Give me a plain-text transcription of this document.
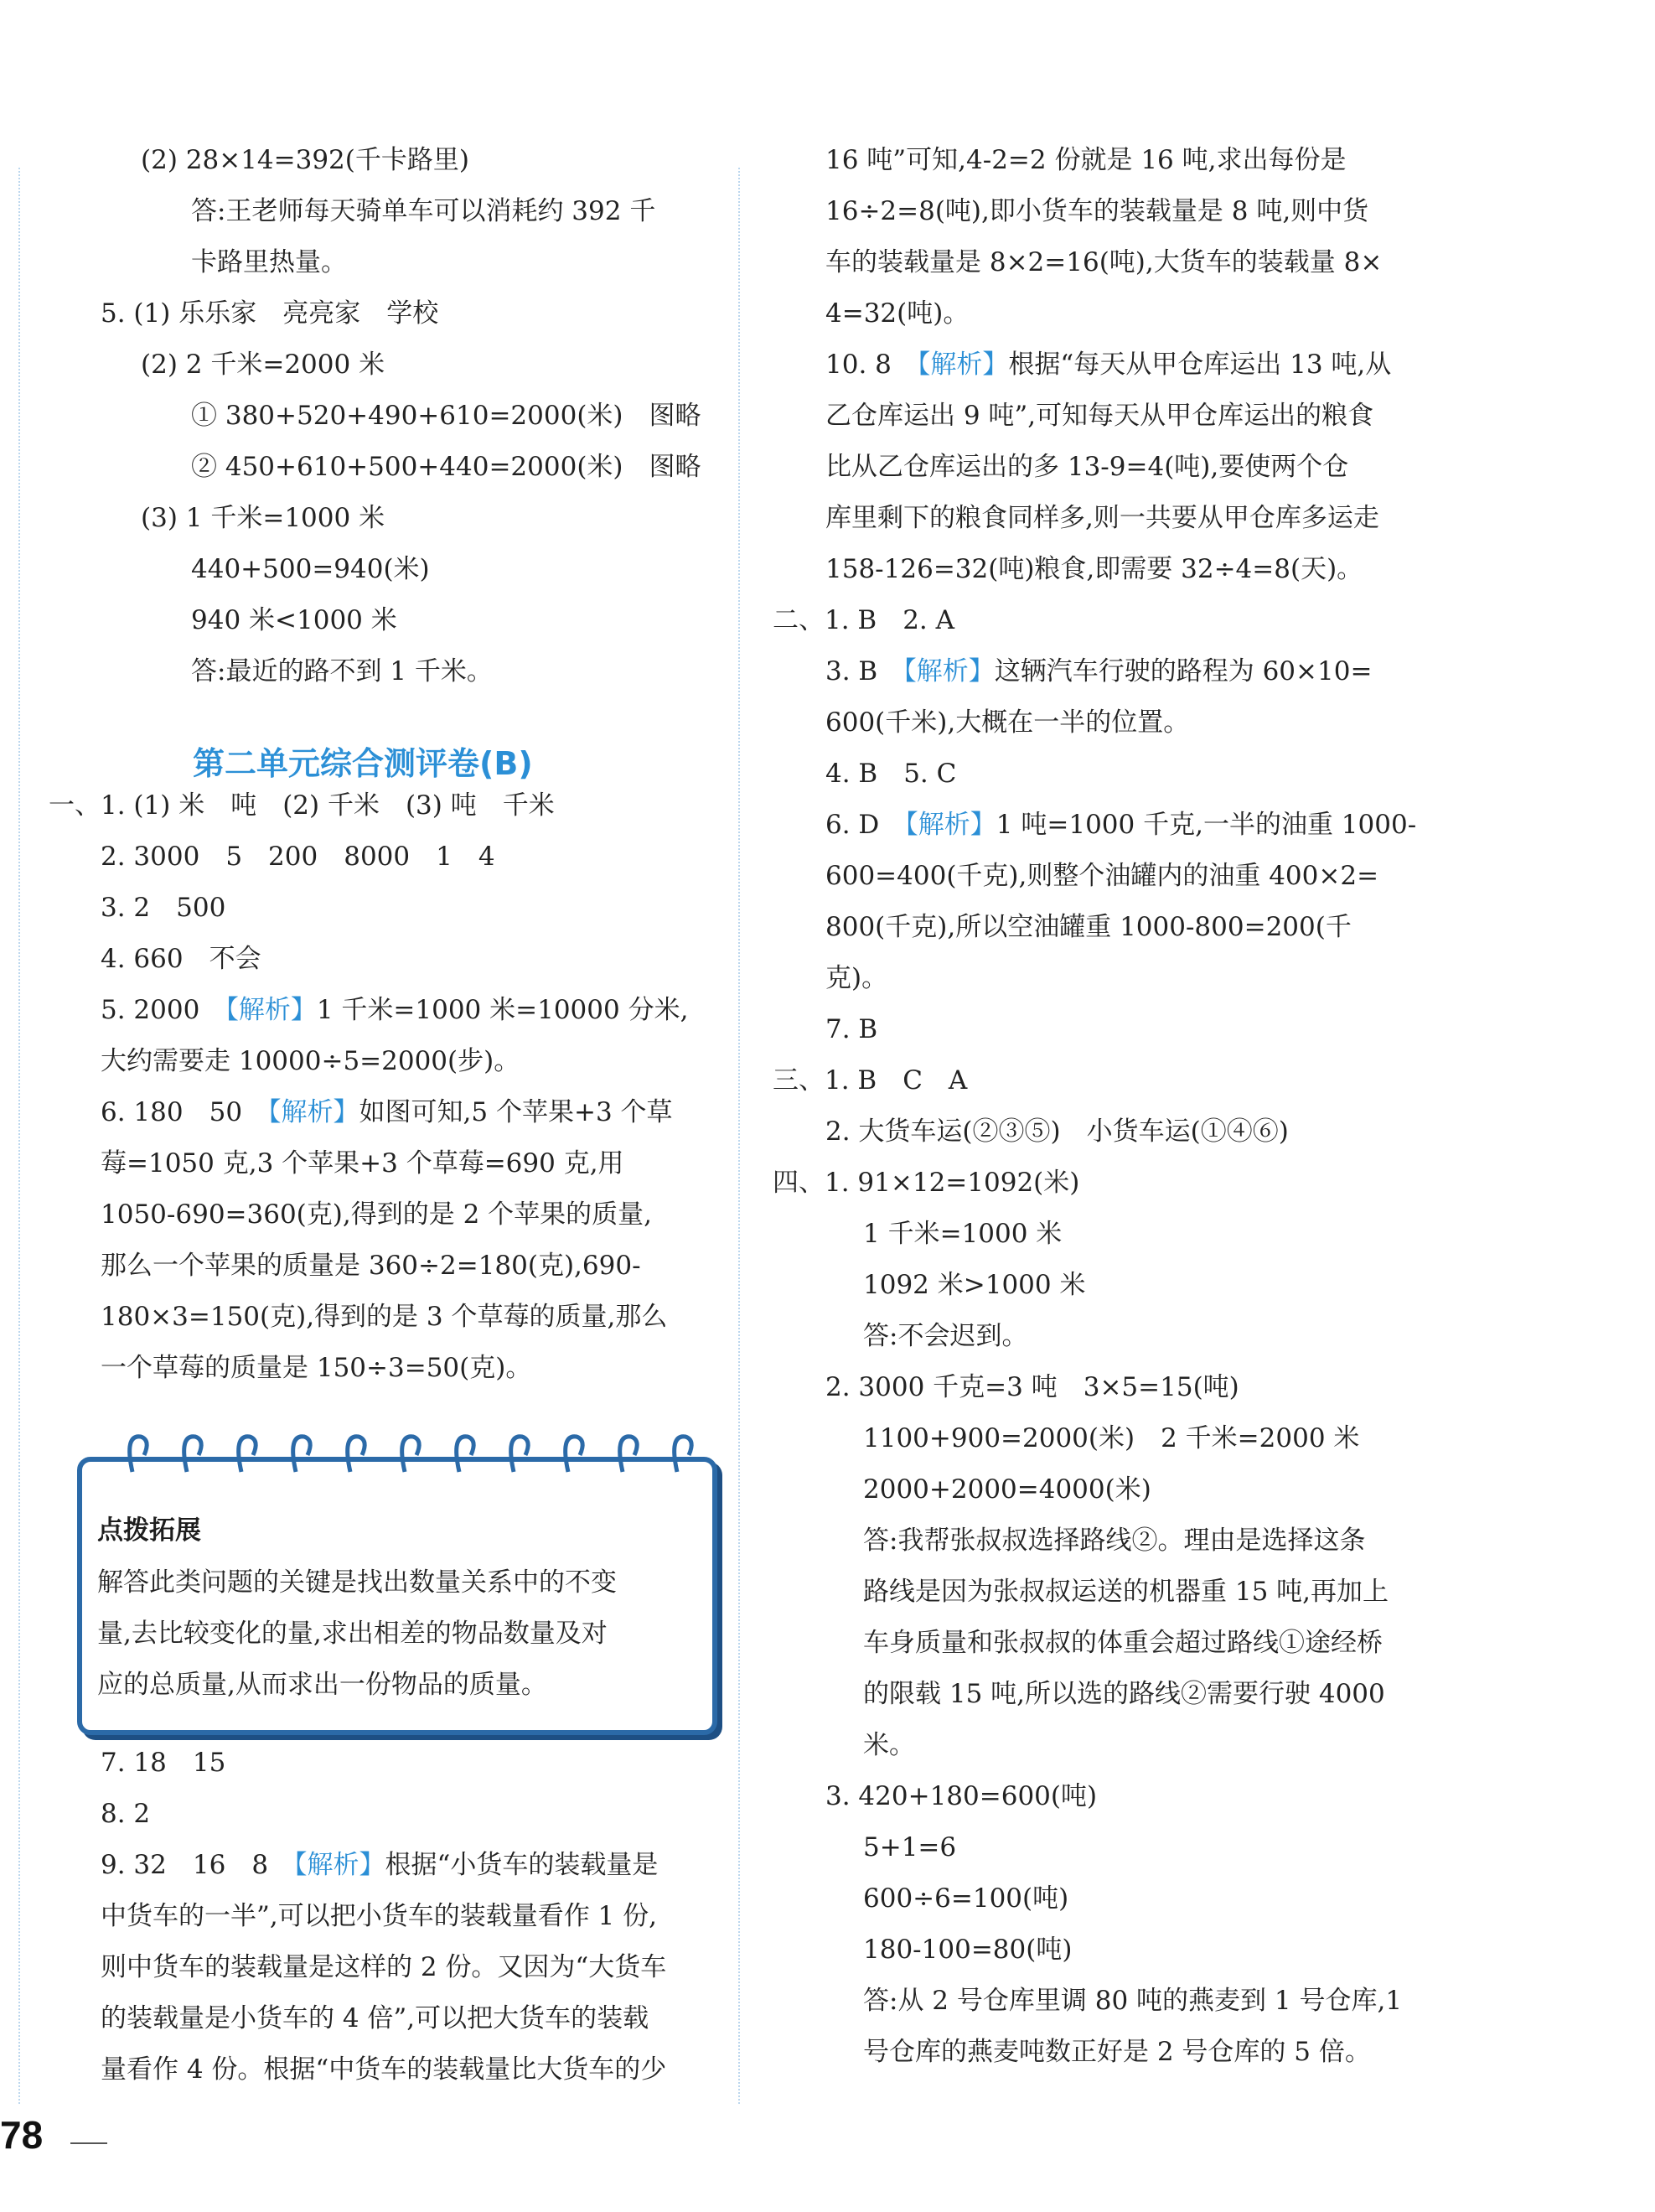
(2) 28×14=392(千卡路里)
答:王老师每天骑单车可以消耗约 392 千
卡路里热量。
5. (1) 乐乐家　亮亮家　学校
(2) 2 千米=2000 米
① 380+520+490+610=2000(米)　图略
② 450+610+500+440=2000(米)　图略
(3) 1 千米=1000 米
440+500=940(米)
940 米<1000 米
答:最近的路不到 1 千米。
一、1. (1) 米　吨　(2) 千米　(3) 吨　千米
2. 3000　5　200　8000　1　4
3. 2　500
4. 660　不会
5. 2000　【解析】1 千米=1000 米=10000 分米,
大约需要走 10000÷5=2000(步)。
6. 180　50　【解析】如图可知,5 个苹果+3 个草
莓=1050 克,3 个苹果+3 个草莓=690 克,用
1050-690=360(克),得到的是 2 个苹果的质量,
那么一个苹果的质量是 360÷2=180(克),690-
180×3=150(克),得到的是 3 个草莓的质量,那么
一个草莓的质量是 150÷3=50(克)。
7. 18　15
8. 2
9. 32　16　8　【解析】根据“小货车的装载量是
中货车的一半”,可以把小货车的装载量看作 1 份,
则中货车的装载量是这样的 2 份。又因为“大货车
的装载量是小货车的 4 倍”,可以把大货车的装载
量看作 4 份。根据“中货车的装载量比大货车的少
16 吨”可知,4-2=2 份就是 16 吨,求出每份是
16÷2=8(吨),即小货车的装载量是 8 吨,则中货
车的装载量是 8×2=16(吨),大货车的装载量 8×
4=32(吨)。
10. 8　【解析】根据“每天从甲仓库运出 13 吨,从
乙仓库运出 9 吨”,可知每天从甲仓库运出的粮食
比从乙仓库运出的多 13-9=4(吨),要使两个仓
库里剩下的粮食同样多,则一共要从甲仓库多运走
158-126=32(吨)粮食,即需要 32÷4=8(天)。
二、1. B　2. A
3. B　【解析】这辆汽车行驶的路程为 60×10=
600(千米),大概在一半的位置。
4. B　5. C
6. D　【解析】1 吨=1000 千克,一半的油重 1000-
600=400(千克),则整个油罐内的油重 400×2=
800(千克),所以空油罐重 1000-800=200(千
克)。
7. B
三、1. B　C　A
2. 大货车运(②③⑤)　小货车运(①④⑥)
四、1. 91×12=1092(米)
1 千米=1000 米
1092 米>1000 米
答:不会迟到。
2. 3000 千克=3 吨　3×5=15(吨)
1100+900=2000(米)　2 千米=2000 米
2000+2000=4000(米)
答:我帮张叔叔选择路线②。理由是选择这条
路线是因为张叔叔运送的机器重 15 吨,再加上
车身质量和张叔叔的体重会超过路线①途经桥
的限载 15 吨,所以选的路线②需要行驶 4000
米。
3. 420+180=600(吨)
5+1=6
600÷6=100(吨)
180-100=80(吨)
答:从 2 号仓库里调 80 吨的燕麦到 1 号仓库,1
号仓库的燕麦吨数正好是 2 号仓库的 5 倍。
第二单元综合测评卷(B)
点拨拓展
解答此类问题的关键是找出数量关系中的不变
量,去比较变化的量,求出相差的物品数量及对
应的总质量,从而求出一份物品的质量。
78
